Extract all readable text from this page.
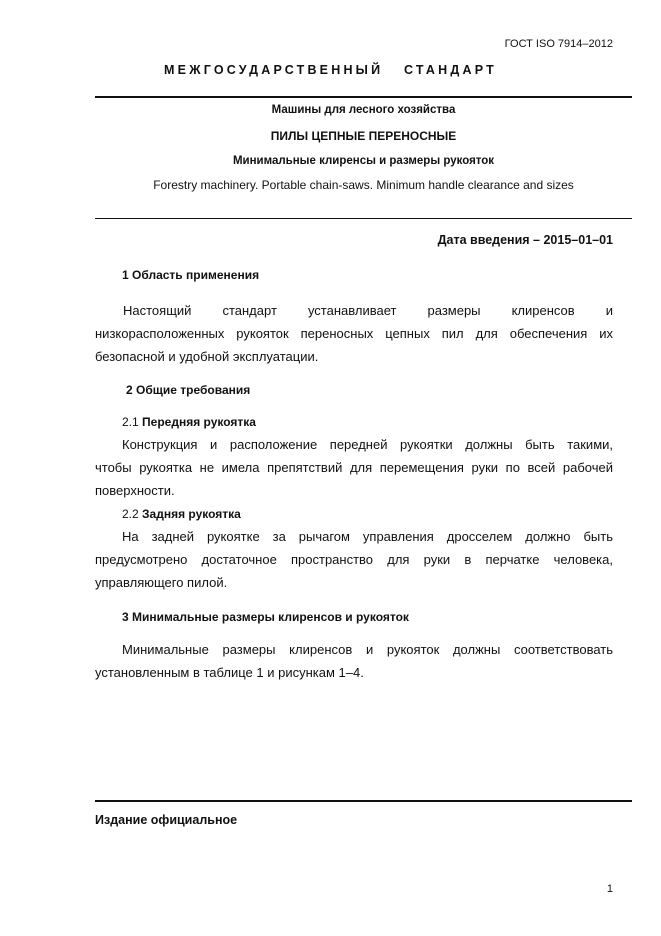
ГОСТ ISO 7914–2012
МЕЖГОСУДАРСТВЕННЫЙ СТАНДАРТ
Машины для лесного хозяйства
ПИЛЫ ЦЕПНЫЕ ПЕРЕНОСНЫЕ
Минимальные клиренсы и размеры рукояток
Forestry machinery. Portable chain-saws. Minimum handle clearance and sizes
Дата введения – 2015–01–01
1 Область применения
Настоящий стандарт устанавливает размеры клиренсов и
низкорасположенных рукояток переносных цепных пил для обеспечения их
безопасной и удобной эксплуатации.
2 Общие требования
2.1 Передняя рукоятка
Конструкция и расположение передней рукоятки должны быть такими,
чтобы рукоятка не имела препятствий для перемещения руки по всей рабочей
поверхности.
2.2 Задняя рукоятка
На задней рукоятке за рычагом управления дросселем должно быть
предусмотрено достаточное пространство для руки в перчатке человека,
управляющего пилой.
3 Минимальные размеры клиренсов и рукояток
Минимальные размеры клиренсов и рукояток должны соответствовать
установленным в таблице 1 и рисункам 1–4.
Издание официальное
1
